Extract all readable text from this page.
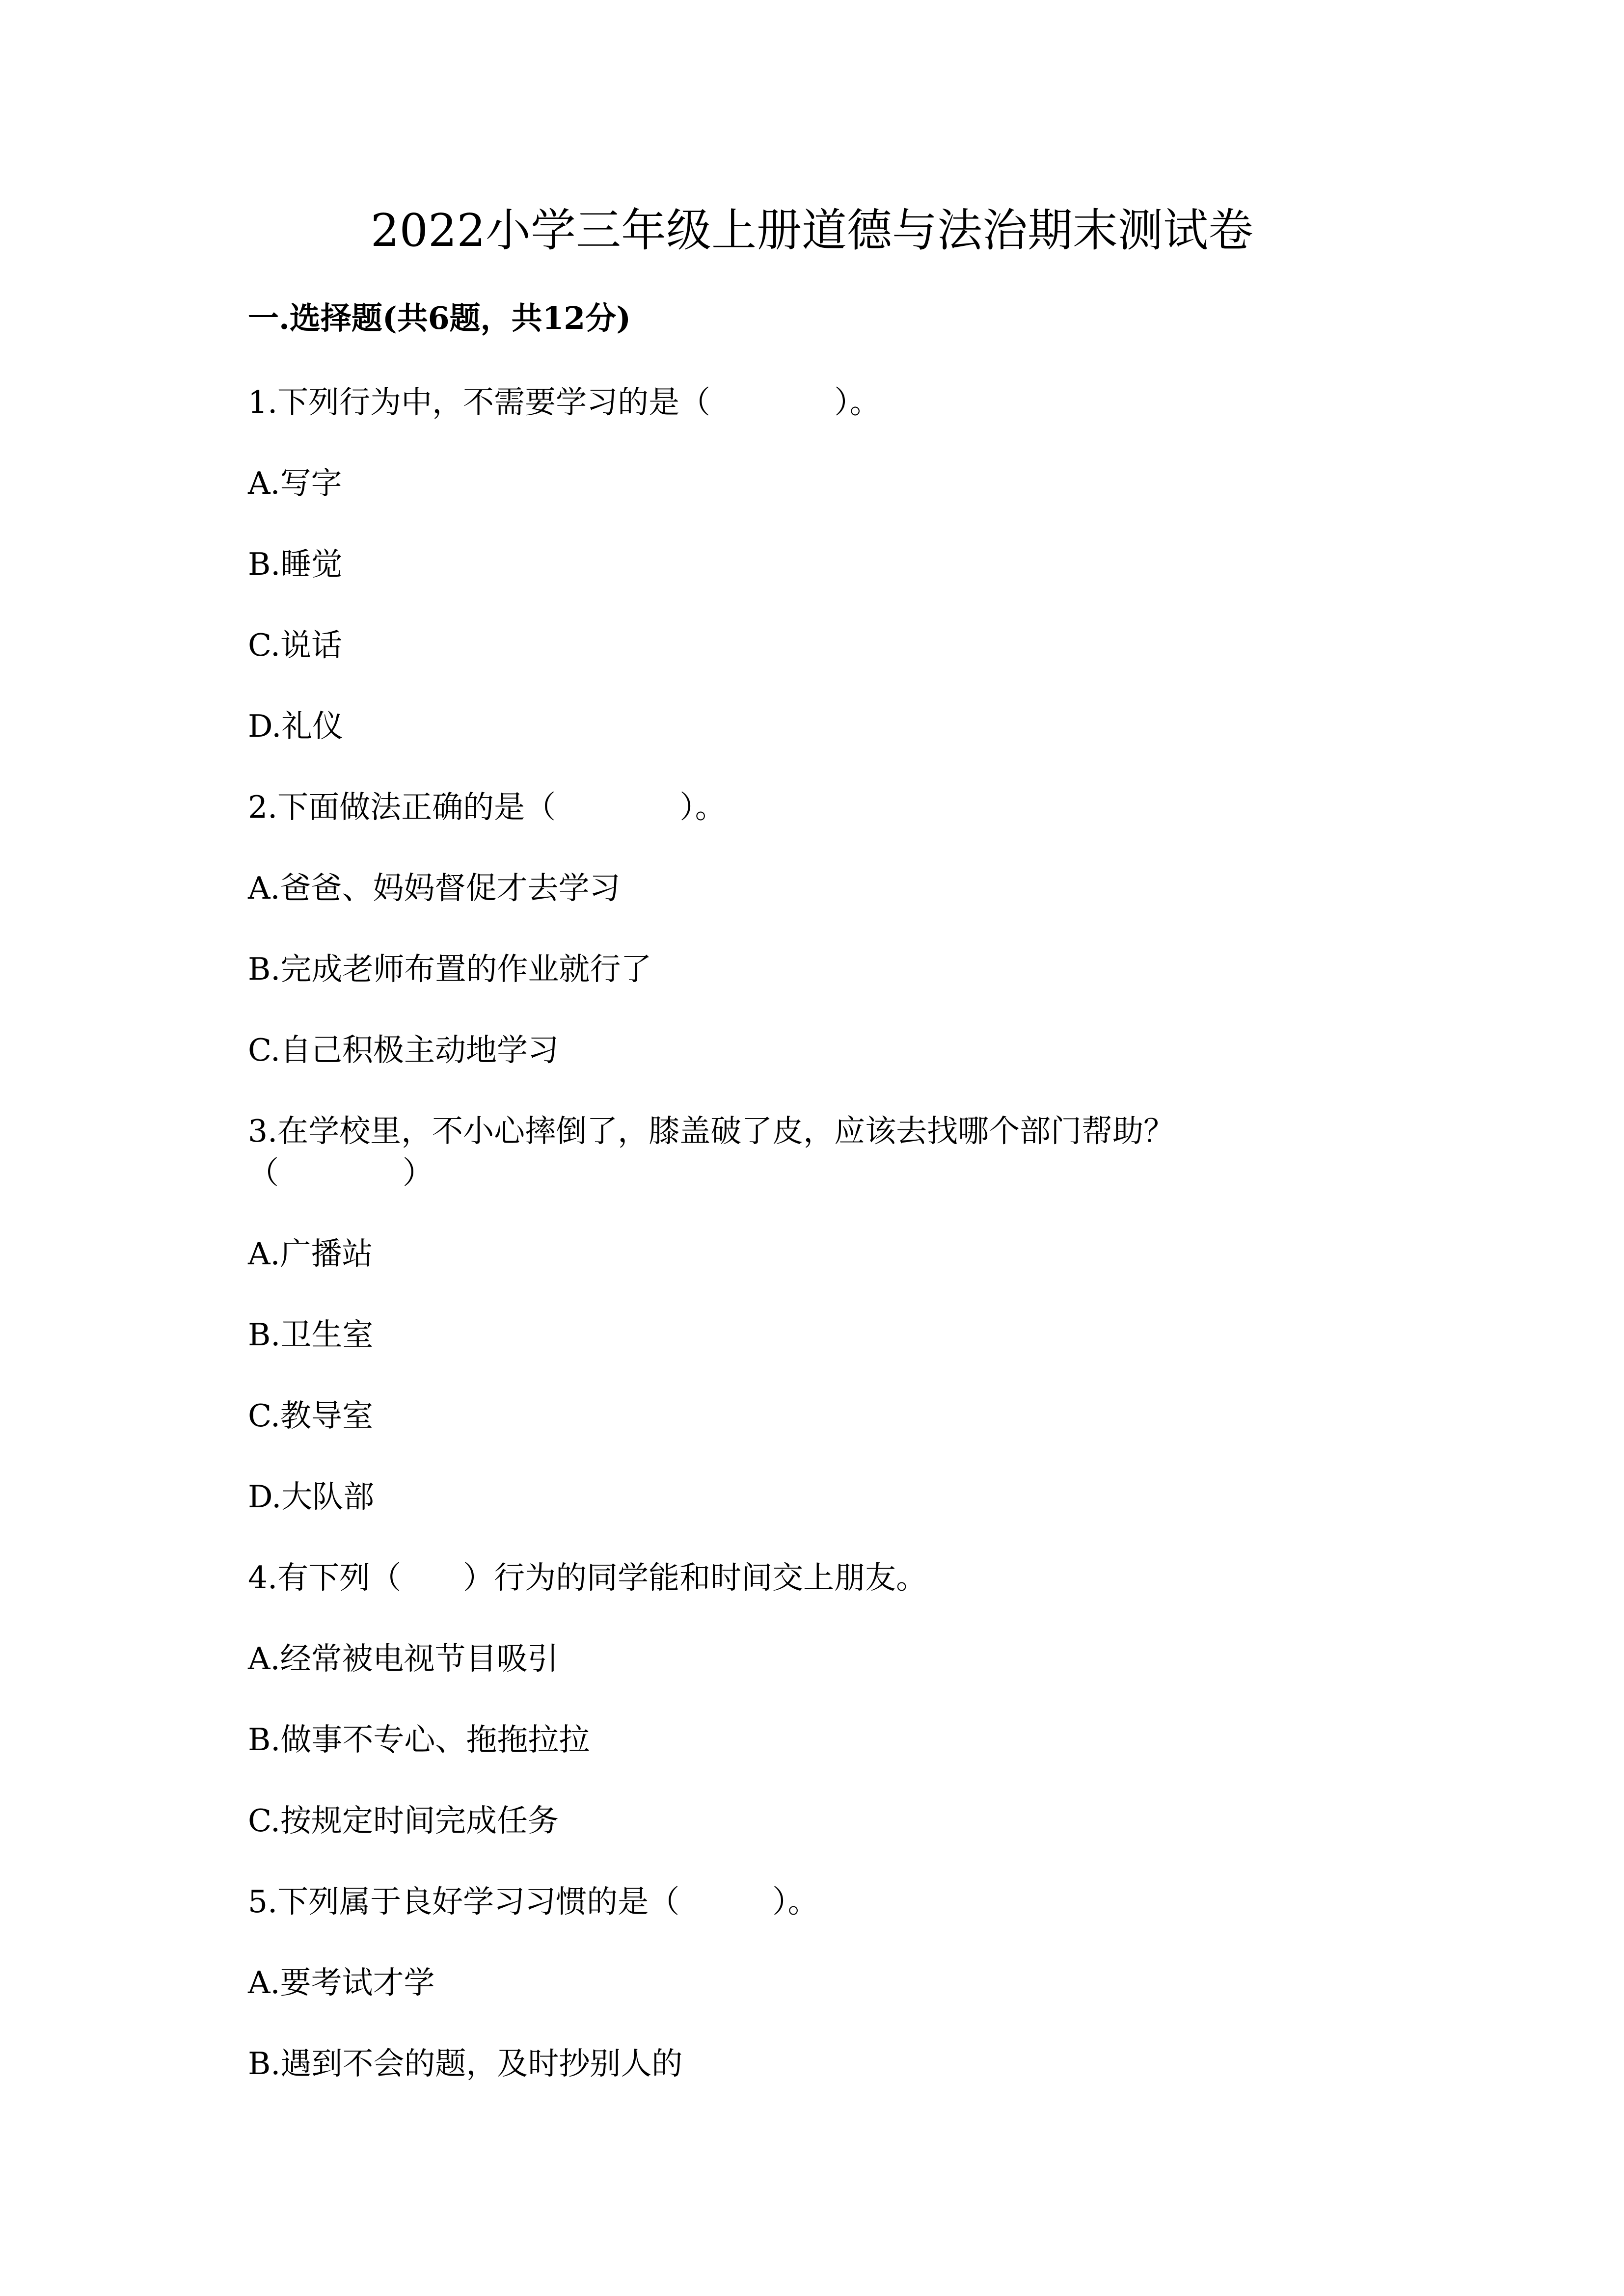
2022小学三年级上册道德与法治期末测试卷
一.选择题(共6题，共12分)
1.下列行为中，不需要学习的是（　　　　）。
A.写字
B.睡觉
C.说话
D.礼仪
2.下面做法正确的是（　　　　）。
A.爸爸、妈妈督促才去学习
B.完成老师布置的作业就行了
C.自己积极主动地学习
3.在学校里，不小心摔倒了，膝盖破了皮，应该去找哪个部门帮助？
（　　　　）
A.广播站
B.卫生室
C.教导室
D.大队部
4.有下列（　　）行为的同学能和时间交上朋友。
A.经常被电视节目吸引
B.做事不专心、拖拖拉拉
C.按规定时间完成任务
5.下列属于良好学习习惯的是（　　　）。
A.要考试才学
B.遇到不会的题，及时抄别人的
